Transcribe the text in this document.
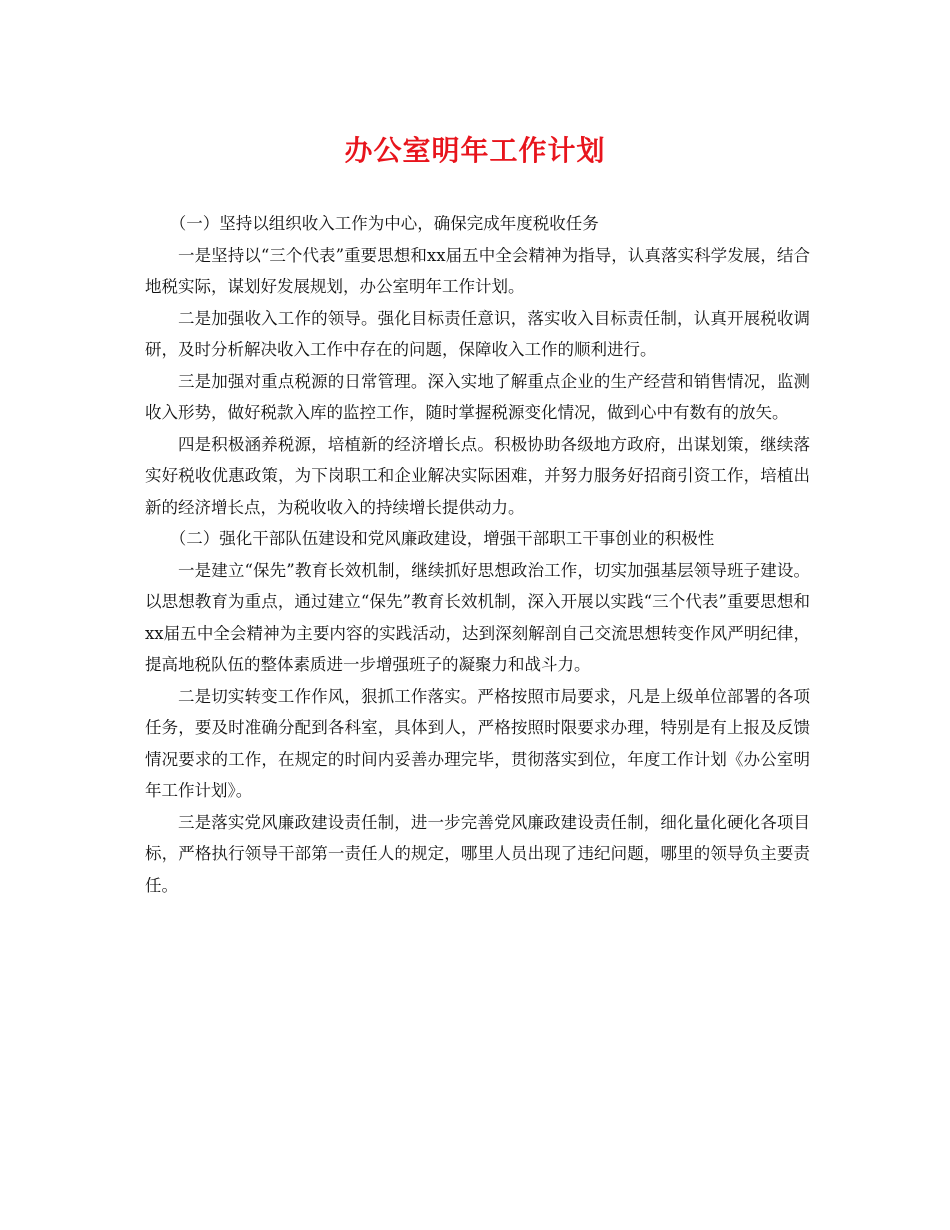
办公室明年工作计划

（一）坚持以组织收入工作为中心，确保完成年度税收任务

一是坚持以“三个代表”重要思想和xx届五中全会精神为指导，认真落实科学发展，结合地税实际，谋划好发展规划，办公室明年工作计划。

二是加强收入工作的领导。强化目标责任意识，落实收入目标责任制，认真开展税收调研，及时分析解决收入工作中存在的问题，保障收入工作的顺利进行。

三是加强对重点税源的日常管理。深入实地了解重点企业的生产经营和销售情况，监测收入形势，做好税款入库的监控工作，随时掌握税源变化情况，做到心中有数有的放矢。

四是积极涵养税源，培植新的经济增长点。积极协助各级地方政府，出谋划策，继续落实好税收优惠政策，为下岗职工和企业解决实际困难，并努力服务好招商引资工作，培植出新的经济增长点，为税收收入的持续增长提供动力。

（二）强化干部队伍建设和党风廉政建设，增强干部职工干事创业的积极性

一是建立“保先”教育长效机制，继续抓好思想政治工作，切实加强基层领导班子建设。以思想教育为重点，通过建立“保先”教育长效机制，深入开展以实践“三个代表”重要思想和xx届五中全会精神为主要内容的实践活动，达到深刻解剖自己交流思想转变作风严明纪律，提高地税队伍的整体素质进一步增强班子的凝聚力和战斗力。

二是切实转变工作作风，狠抓工作落实。严格按照市局要求，凡是上级单位部署的各项任务，要及时准确分配到各科室，具体到人，严格按照时限要求办理，特别是有上报及反馈情况要求的工作，在规定的时间内妥善办理完毕，贯彻落实到位，年度工作计划《办公室明年工作计划》。

三是落实党风廉政建设责任制，进一步完善党风廉政建设责任制，细化量化硬化各项目标，严格执行领导干部第一责任人的规定，哪里人员出现了违纪问题，哪里的领导负主要责任。
